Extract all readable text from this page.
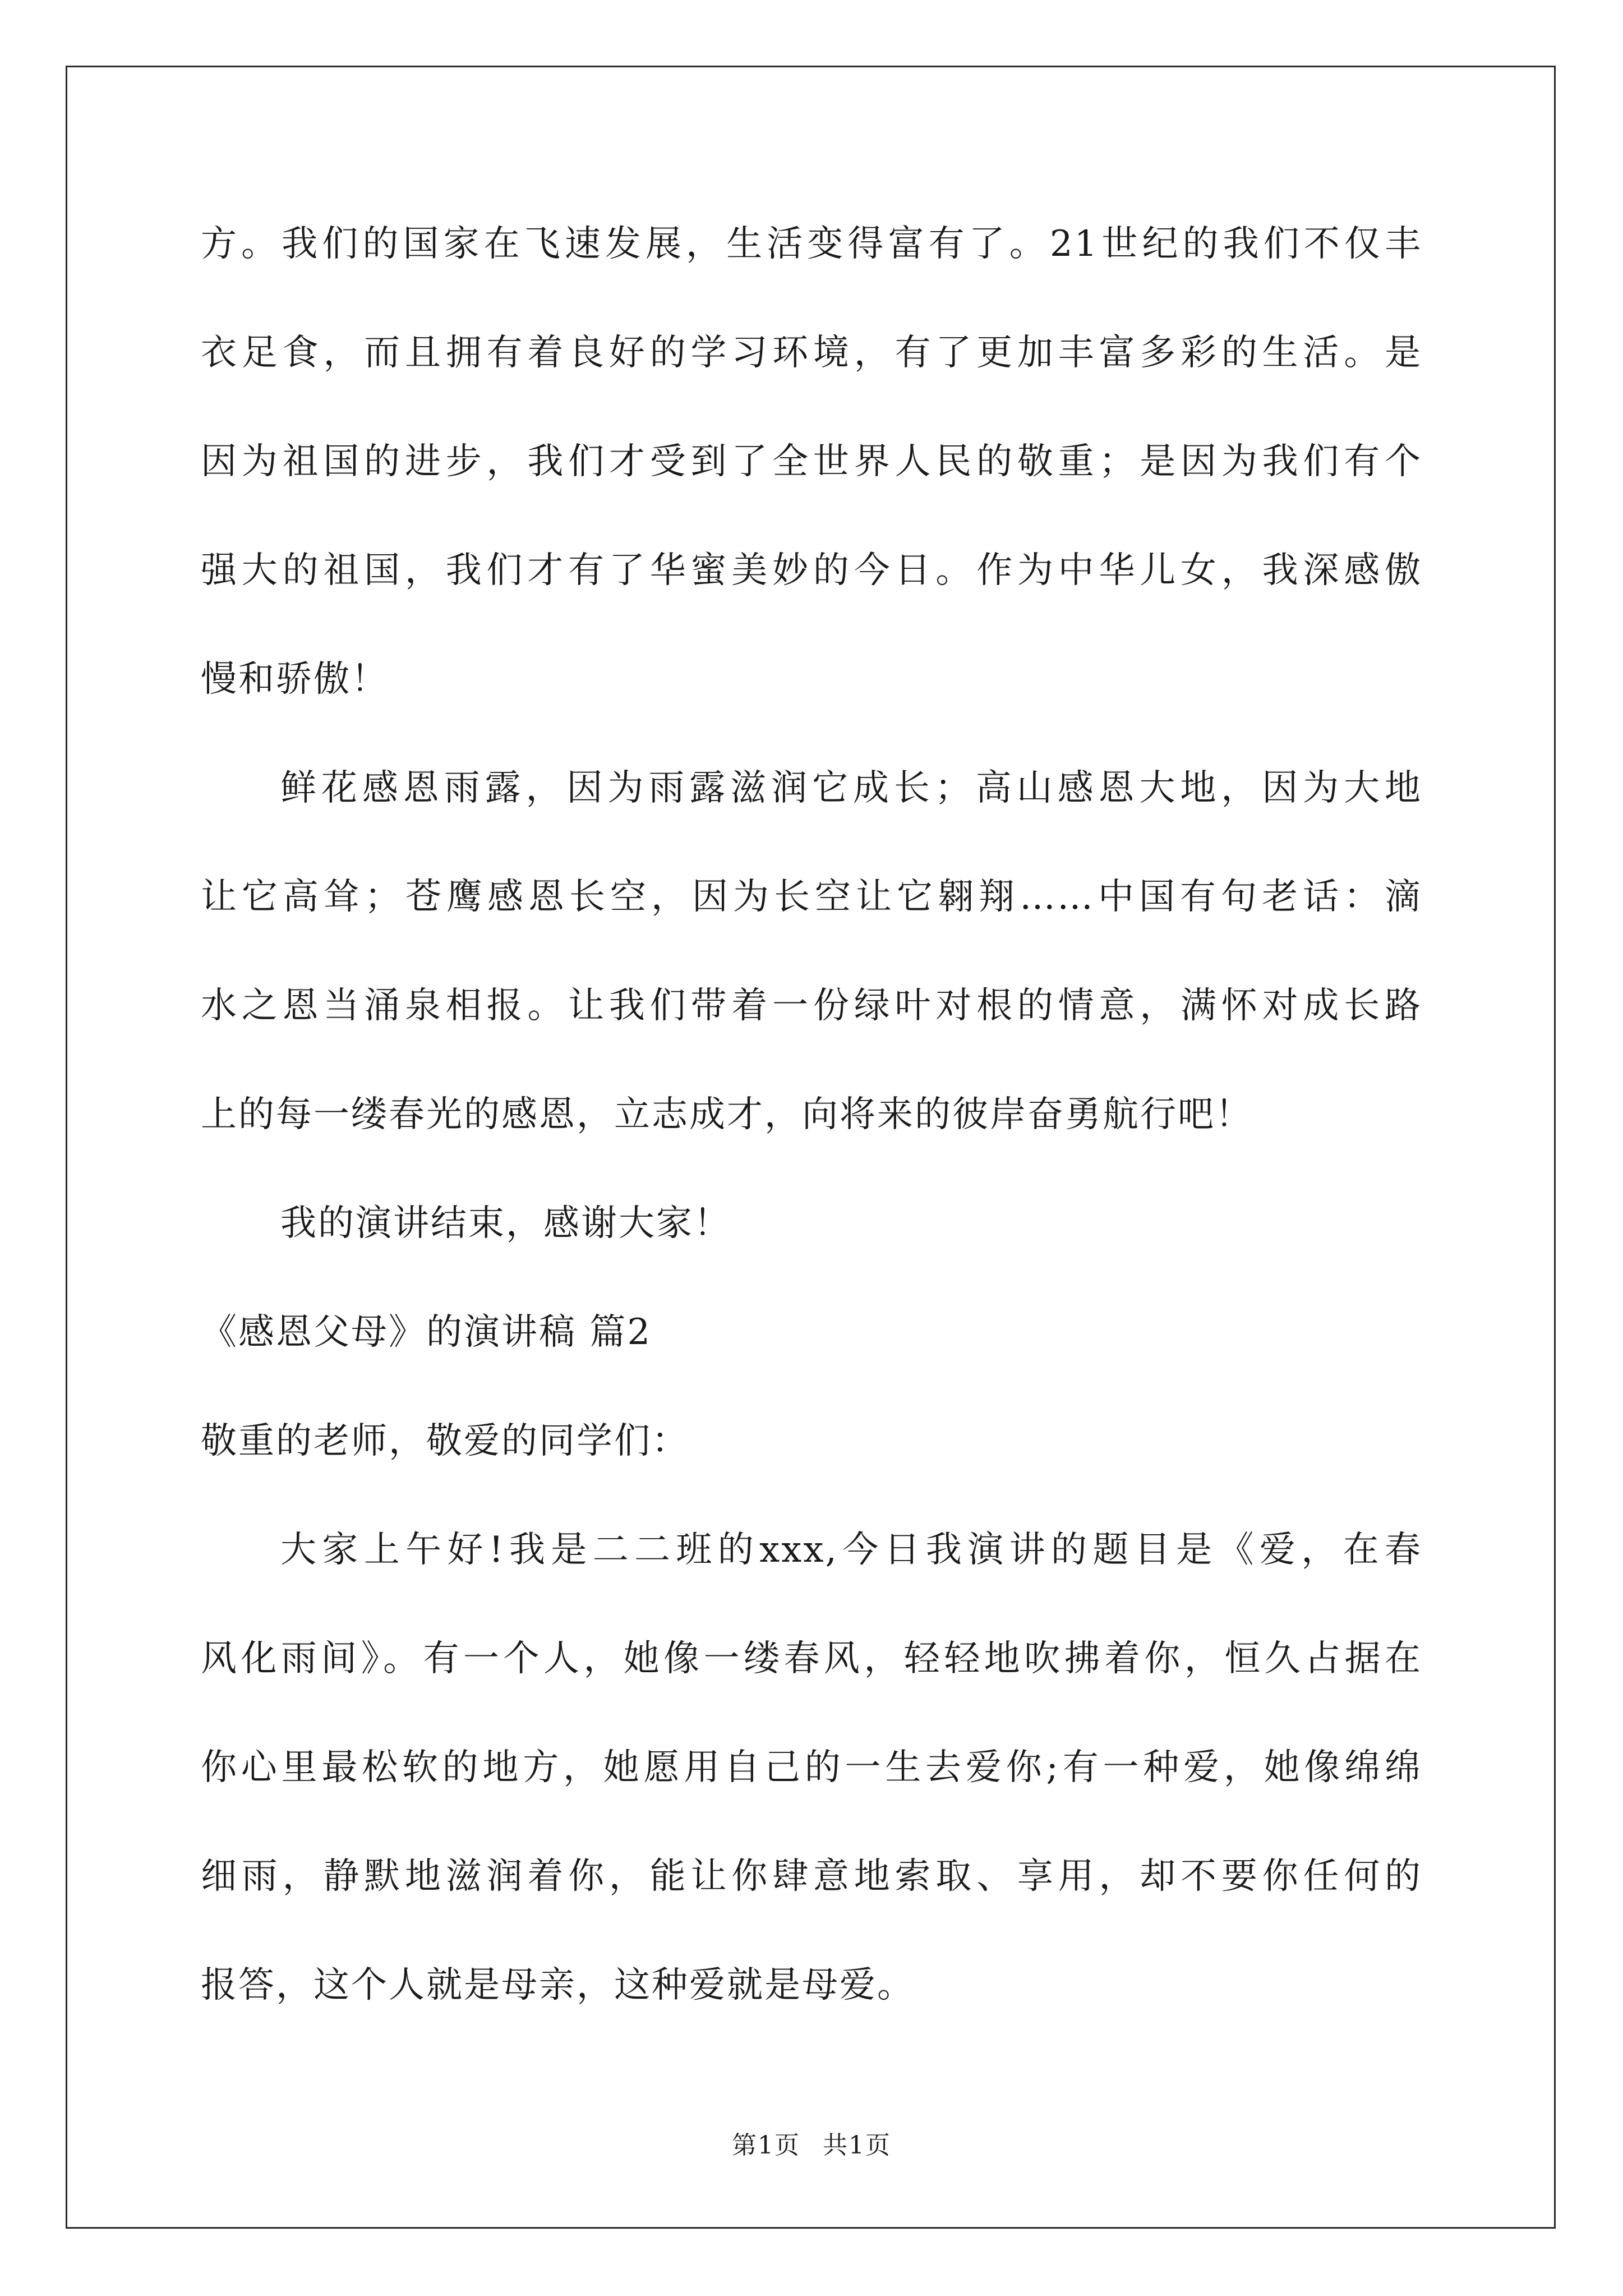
方。我们的国家在飞速发展，生活变得富有了。21世纪的我们不仅丰
衣足食，而且拥有着良好的学习环境，有了更加丰富多彩的生活。是
因为祖国的进步，我们才受到了全世界人民的敬重；是因为我们有个
强大的祖国，我们才有了华蜜美妙的今日。作为中华儿女，我深感傲
慢和骄傲！
鲜花感恩雨露，因为雨露滋润它成长；高山感恩大地，因为大地
让它高耸；苍鹰感恩长空，因为长空让它翱翔……中国有句老话：滴
水之恩当涌泉相报。让我们带着一份绿叶对根的情意，满怀对成长路
上的每一缕春光的感恩，立志成才，向将来的彼岸奋勇航行吧！
我的演讲结束，感谢大家！
《感恩父母》的演讲稿 篇2
敬重的老师，敬爱的同学们：
大家上午好!我是二二班的xxx,今日我演讲的题目是《爱，在春
风化雨间》。有一个人，她像一缕春风，轻轻地吹拂着你，恒久占据在
你心里最松软的地方，她愿用自己的一生去爱你;有一种爱，她像绵绵
细雨，静默地滋润着你，能让你肆意地索取、享用，却不要你任何的
报答，这个人就是母亲，这种爱就是母爱。
第1页 共1页
